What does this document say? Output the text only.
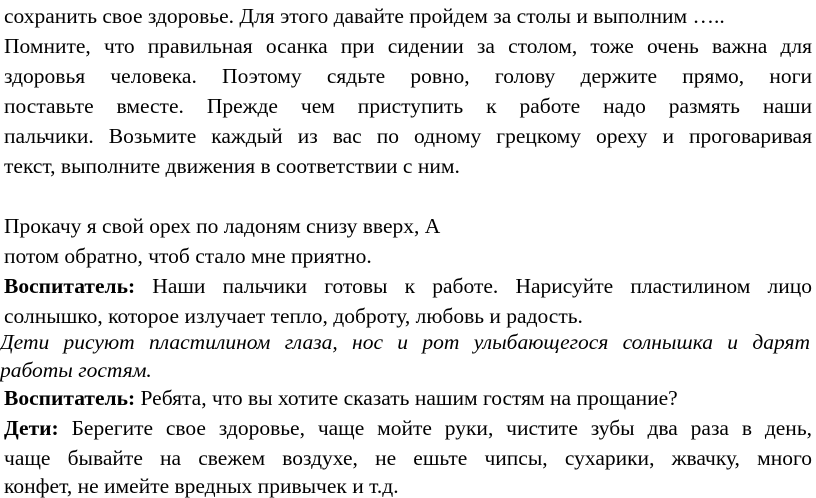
сохранить свое здоровье. Для этого давайте пройдем за столы и выполним …..
Помните, что правильная осанка при сидении за столом, тоже очень важна для
здоровья человека. Поэтому сядьте ровно, голову держите прямо, ноги
поставьте вместе. Прежде чем приступить к работе надо размять наши
пальчики. Возьмите каждый из вас по одному грецкому ореху и проговаривая
текст, выполните движения в соответствии с ним.
Прокачу я свой орех по ладоням снизу вверх, А
потом обратно, чтоб стало мне приятно.
Воспитатель: Наши пальчики готовы к работе. Нарисуйте пластилином лицо
солнышко, которое излучает тепло, доброту, любовь и радость.
Дети рисуют пластилином глаза, нос и рот улыбающегося солнышка и дарят
работы гостям.
Воспитатель: Ребята, что вы хотите сказать нашим гостям на прощание?
Дети: Берегите свое здоровье, чаще мойте руки, чистите зубы два раза в день,
чаще бывайте на свежем воздухе, не ешьте чипсы, сухарики, жвачку, много
конфет, не имейте вредных привычек и т.д.
